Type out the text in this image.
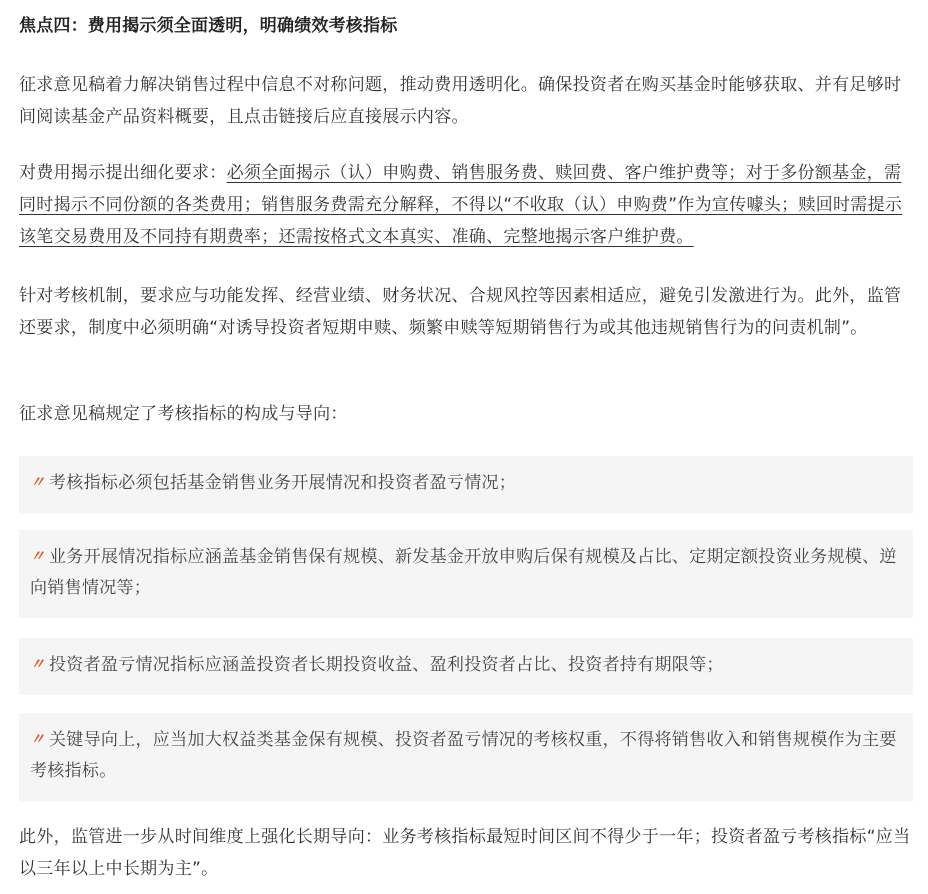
焦点四：费用揭示须全面透明，明确绩效考核指标

征求意见稿着力解决销售过程中信息不对称问题，推动费用透明化。确保投资者在购买基金时能够获取、并有足够时间阅读基金产品资料概要，且点击链接后应直接展示内容。

对费用揭示提出细化要求：必须全面揭示（认）申购费、销售服务费、赎回费、客户维护费等；对于多份额基金，需同时揭示不同份额的各类费用；销售服务费需充分解释，不得以“不收取（认）申购费”作为宣传噱头；赎回时需提示该笔交易费用及不同持有期费率；还需按格式文本真实、准确、完整地揭示客户维护费。

针对考核机制，要求应与功能发挥、经营业绩、财务状况、合规风控等因素相适应，避免引发激进行为。此外，监管还要求，制度中必须明确“对诱导投资者短期申赎、频繁申赎等短期销售行为或其他违规销售行为的问责机制”。

征求意见稿规定了考核指标的构成与导向：

〃 考核指标必须包括基金销售业务开展情况和投资者盈亏情况；

〃 业务开展情况指标应涵盖基金销售保有规模、新发基金开放申购后保有规模及占比、定期定额投资业务规模、逆向销售情况等；

〃 投资者盈亏情况指标应涵盖投资者长期投资收益、盈利投资者占比、投资者持有期限等；

〃 关键导向上，应当加大权益类基金保有规模、投资者盈亏情况的考核权重，不得将销售收入和销售规模作为主要考核指标。

此外，监管进一步从时间维度上强化长期导向：业务考核指标最短时间区间不得少于一年；投资者盈亏考核指标“应当以三年以上中长期为主”。
